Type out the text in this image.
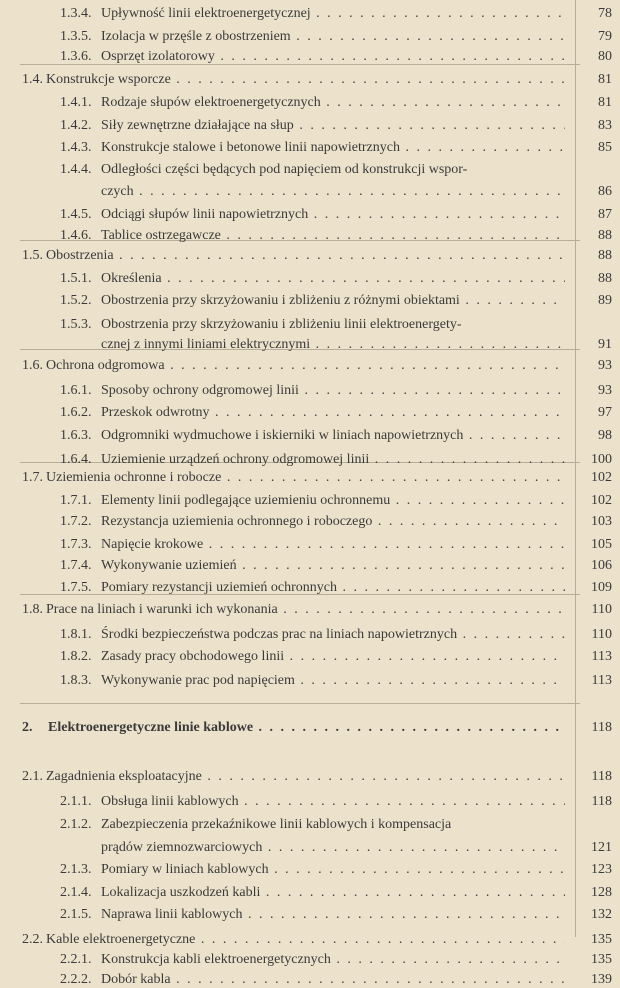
1.3.4. Upływność linii elektroenergetycznej . . .	78
1.3.5. Izolacja w przęśle z obostrzeniem . . .	79
1.3.6. Osprzęt izolatorowy . . .	80
1.4. Konstrukcje wsporcze . . .	81
1.4.1. Rodzaje słupów elektroenergetycznych . . .	81
1.4.2. Siły zewnętrzne działające na słup . . .	83
1.4.3. Konstrukcje stalowe i betonowe linii napowietrznych . . .	85
1.4.4. Odległości części będących pod napięciem od konstrukcji wspor-
czych . . .	86
1.4.5. Odciągi słupów linii napowietrznych . . .	87
1.4.6. Tablice ostrzegawcze . . .	88
1.5. Obostrzenia . . .	88
1.5.1. Określenia . . .	88
1.5.2. Obostrzenia przy skrzyżowaniu i zbliżeniu z różnymi obiektami . . .	89
1.5.3. Obostrzenia przy skrzyżowaniu i zbliżeniu linii elektroenergety-
cznej z innymi liniami elektrycznymi . . .	91
1.6. Ochrona odgromowa . . .	93
1.6.1. Sposoby ochrony odgromowej linii . . .	93
1.6.2. Przeskok odwrotny . . .	97
1.6.3. Odgromniki wydmuchowe i iskierniki w liniach napowietrznych . . .	98
1.6.4. Uziemienie urządzeń ochrony odgromowej linii . . .	100
1.7. Uziemienia ochronne i robocze . . .	102
1.7.1. Elementy linii podlegające uziemieniu ochronnemu . . .	102
1.7.2. Rezystancja uziemienia ochronnego i roboczego . . .	103
1.7.3. Napięcie krokowe . . .	105
1.7.4. Wykonywanie uziemień . . .	106
1.7.5. Pomiary rezystancji uziemień ochronnych . . .	109
1.8. Prace na liniach i warunki ich wykonania . . .	110
1.8.1. Środki bezpieczeństwa podczas prac na liniach napowietrznych . . .	110
1.8.2. Zasady pracy obchodowego linii . . .	113
1.8.3. Wykonywanie prac pod napięciem . . .	113
2. Elektroenergetyczne linie kablowe . . .	118
2.1. Zagadnienia eksploatacyjne . . .	118
2.1.1. Obsługa linii kablowych . . .	118
2.1.2. Zabezpieczenia przekaźnikowe linii kablowych i kompensacja
prądów ziemnozwarciowych . . .	121
2.1.3. Pomiary w liniach kablowych . . .	123
2.1.4. Lokalizacja uszkodzeń kabli . . .	128
2.1.5. Naprawa linii kablowych . . .	132
2.2. Kable elektroenergetyczne . . .	135
2.2.1. Konstrukcja kabli elektroenergetycznych . . .	135
2.2.2. Dobór kabla . . .	139
